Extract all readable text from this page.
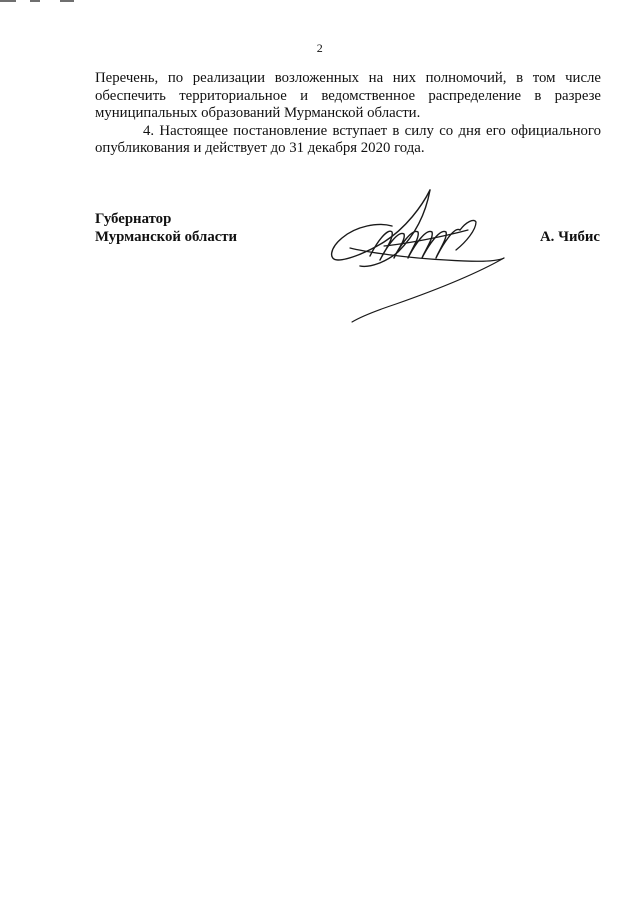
2

Перечень, по реализации возложенных на них полномочий, в том числе обеспечить территориальное и ведомственное распределение в разрезе муниципальных образований Мурманской области.

4. Настоящее постановление вступает в силу со дня его официального опубликования и действует до 31 декабря 2020 года.

Губернатор
Мурманской области	А. Чибис
